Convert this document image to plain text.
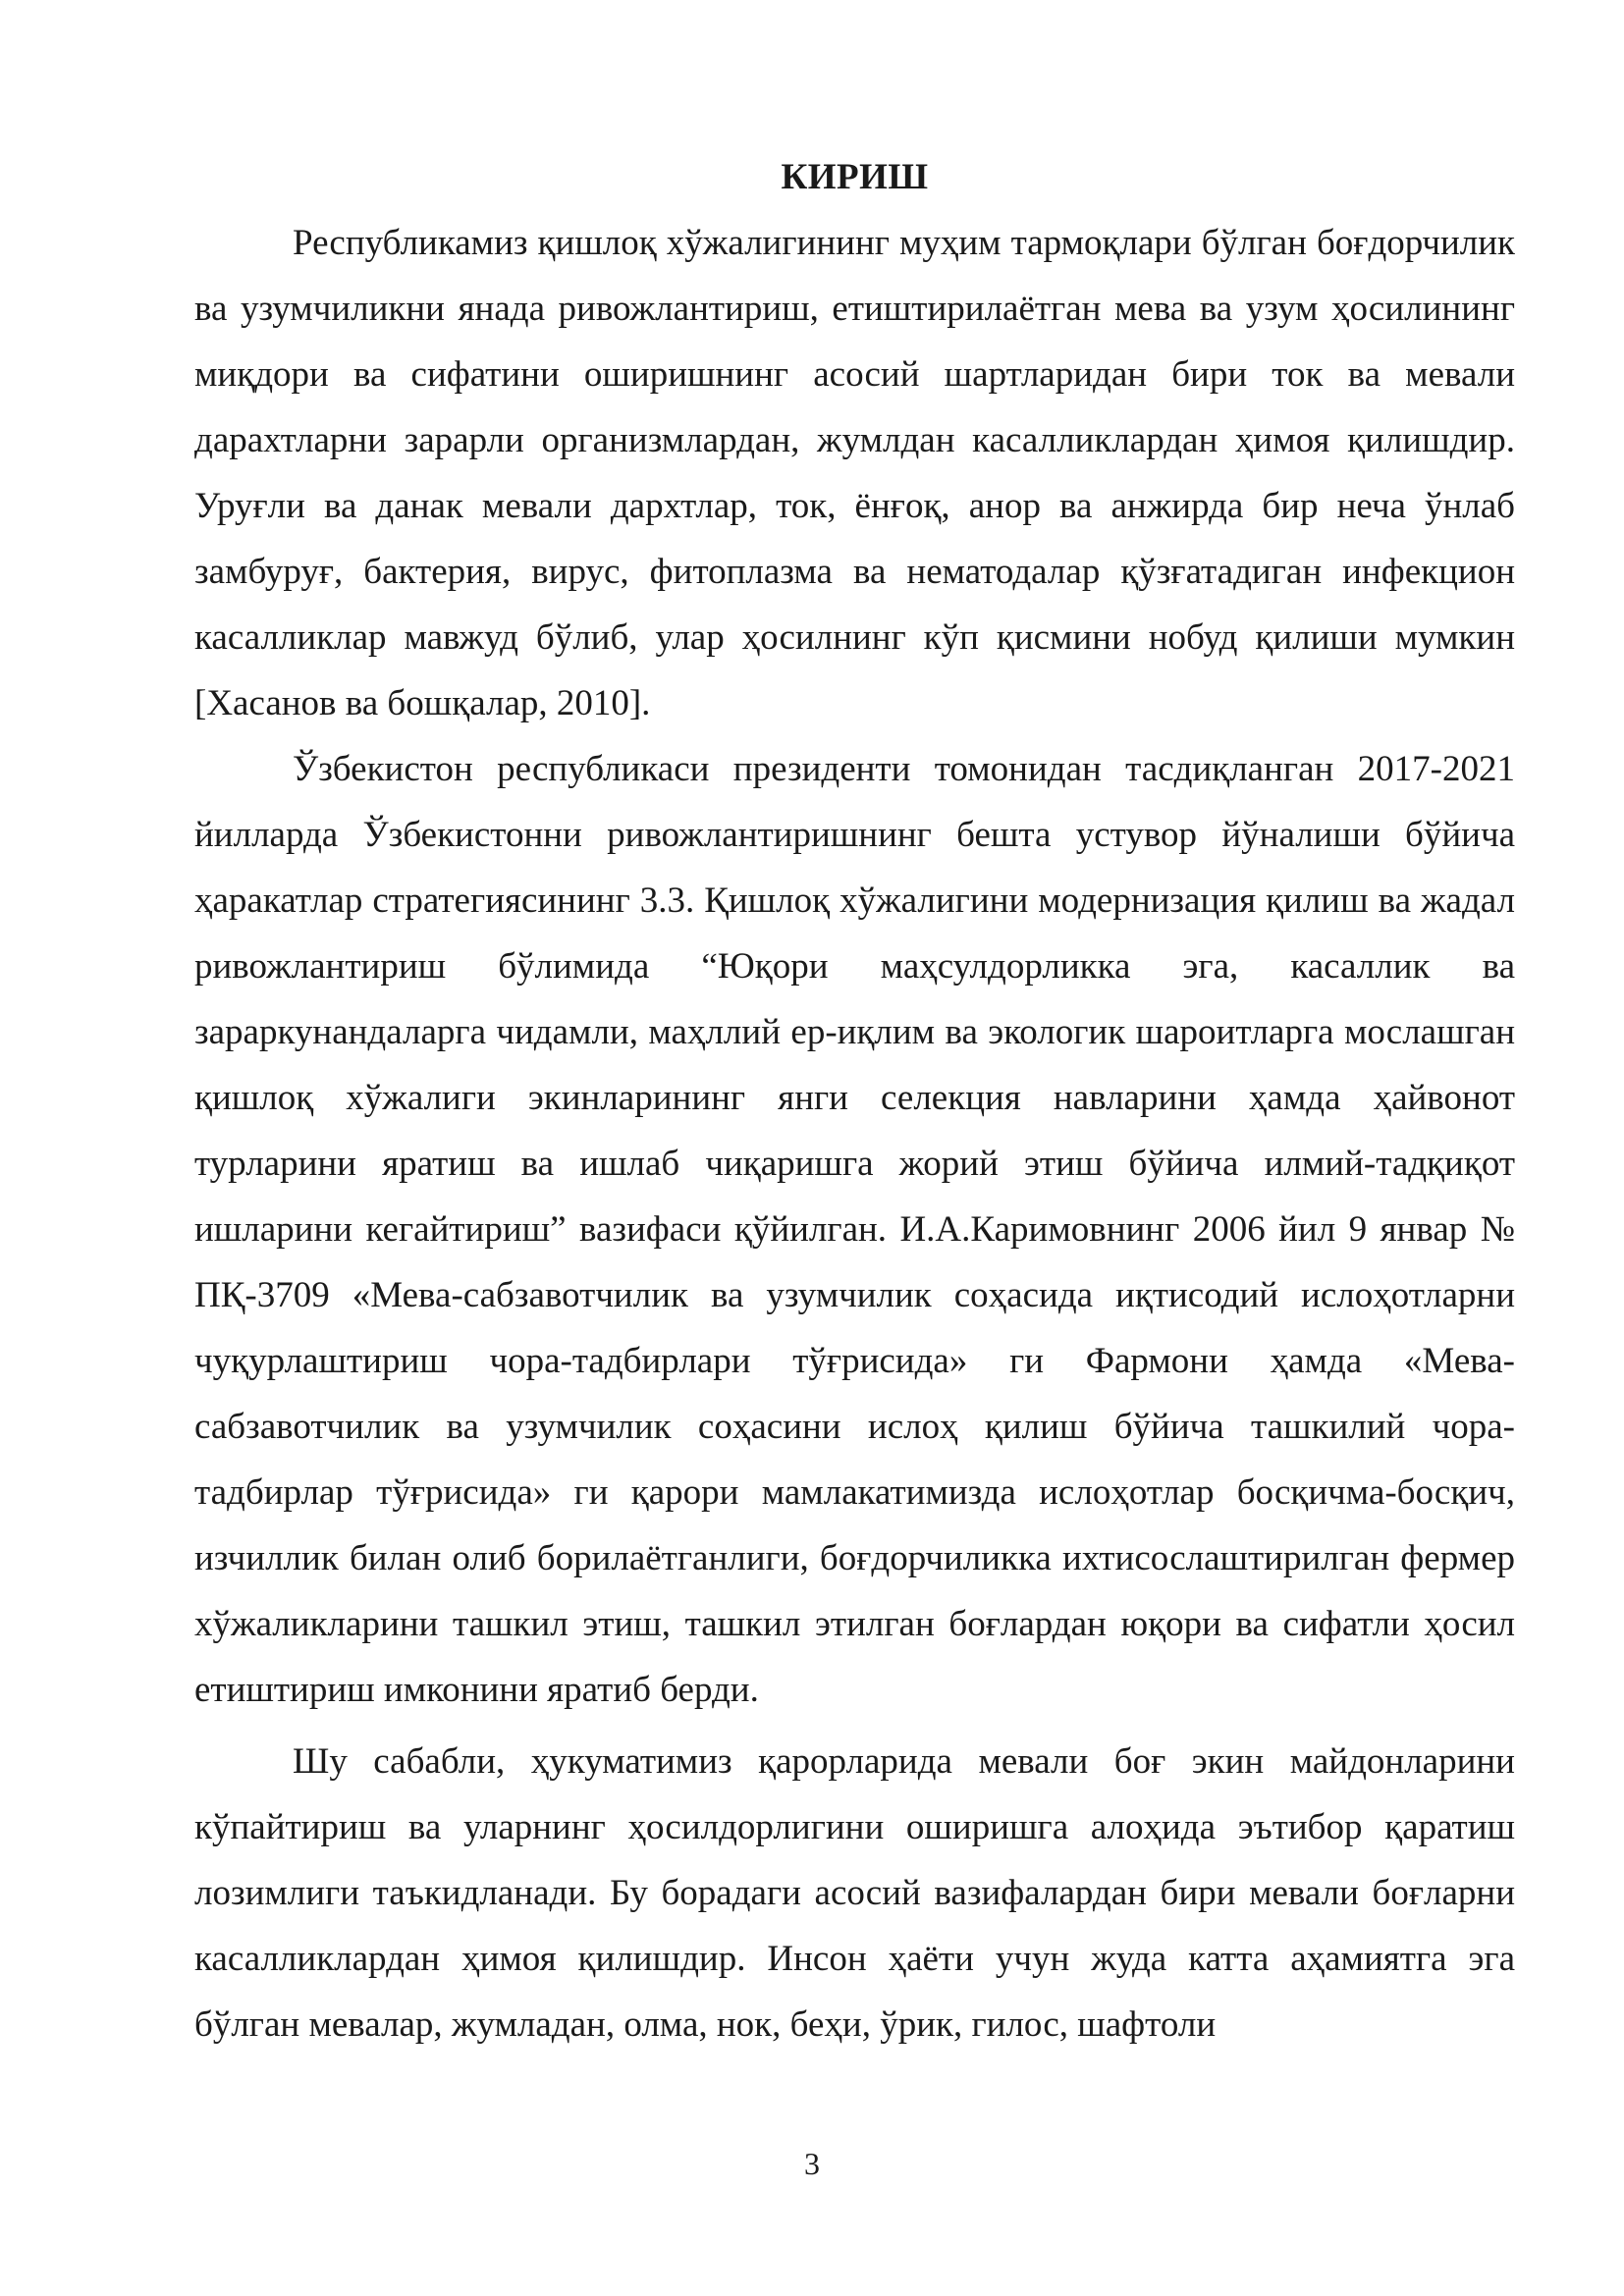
КИРИШ

Республикамиз қишлоқ хўжалигининг муҳим тармоқлари бўлган боғдорчилик ва узумчиликни янада ривожлантириш, етиштирилаётган мева ва узум ҳосилининг миқдори ва сифатини оширишнинг асосий шартларидан бири ток ва мевали дарахтларни зарарли организмлардан, жумлдан касалликлардан ҳимоя қилишдир. Уруғли ва данак мевали дархтлар, ток, ёнғоқ, анор ва анжирда бир неча ўнлаб замбуруғ, бактерия, вирус, фитоплазма ва нематодалар қўзғатадиган инфекцион касалликлар мавжуд бўлиб, улар ҳосилнинг кўп қисмини нобуд қилиши мумкин [Хасанов ва бошқалар, 2010].

Ўзбекистон республикаси президенти томонидан тасдиқланган 2017-2021 йилларда Ўзбекистонни ривожлантиришнинг бешта устувор йўналиши бўйича ҳаракатлар стратегиясининг 3.3. Қишлоқ хўжалигини модернизация қилиш ва жадал ривожлантириш бўлимида “Юқори маҳсулдорликка эга, касаллик ва зараркунандаларга чидамли, маҳллий ер-иқлим ва экологик шароитларга мослашган қишлоқ хўжалиги экинларининг янги селекция навларини ҳамда ҳайвонот турларини яратиш ва ишлаб чиқаришга жорий этиш бўйича илмий-тадқиқот ишларини кегайтириш” вазифаси қўйилган. И.А.Каримовнинг 2006 йил 9 январ № ПҚ-3709 «Мева-сабзавотчилик ва узумчилик соҳасида иқтисодий ислоҳотларни чуқурлаштириш чора-тадбирлари тўғрисида» ги Фармони ҳамда «Мева-сабзавотчилик ва узумчилик соҳасини ислоҳ қилиш бўйича ташкилий чора-тадбирлар тўғрисида» ги қарори мамлакатимизда ислоҳотлар босқичма-босқич, изчиллик билан олиб борилаётганлиги, боғдорчиликка ихтисослаштирилган фермер хўжаликларини ташкил этиш, ташкил этилган боғлардан юқори ва сифатли ҳосил етиштириш имконини яратиб берди.

Шу сабабли, ҳукуматимиз қарорларида мевали боғ экин майдонларини кўпайтириш ва уларнинг ҳосилдорлигини оширишга алоҳида эътибор қаратиш лозимлиги таъкидланади. Бу борадаги асосий вазифалардан бири мевали боғларни касалликлардан ҳимоя қилишдир. Инсон ҳаёти учун жуда катта аҳамиятга эга бўлган мевалар, жумладан, олма, нок, беҳи, ўрик, гилос, шафтоли

3
